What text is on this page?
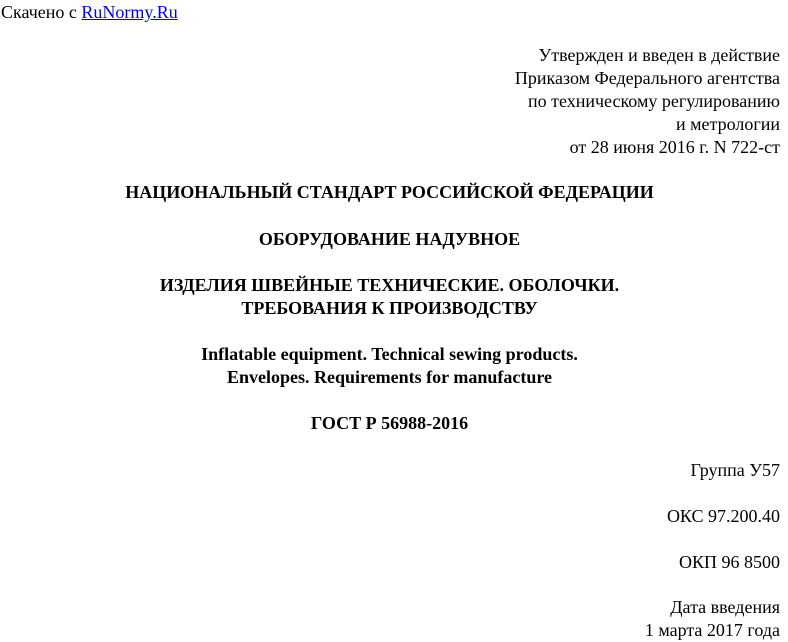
Скачено с RuNormy.Ru
Утвержден и введен в действие
Приказом Федерального агентства
по техническому регулированию
и метрологии
от 28 июня 2016 г. N 722-ст
НАЦИОНАЛЬНЫЙ СТАНДАРТ РОССИЙСКОЙ ФЕДЕРАЦИИ
ОБОРУДОВАНИЕ НАДУВНОЕ
ИЗДЕЛИЯ ШВЕЙНЫЕ ТЕХНИЧЕСКИЕ. ОБОЛОЧКИ.
ТРЕБОВАНИЯ К ПРОИЗВОДСТВУ
Inflatable equipment. Technical sewing products.
Envelopes. Requirements for manufacture
ГОСТ Р 56988-2016
Группа У57
ОКС 97.200.40
ОКП 96 8500
Дата введения
1 марта 2017 года
